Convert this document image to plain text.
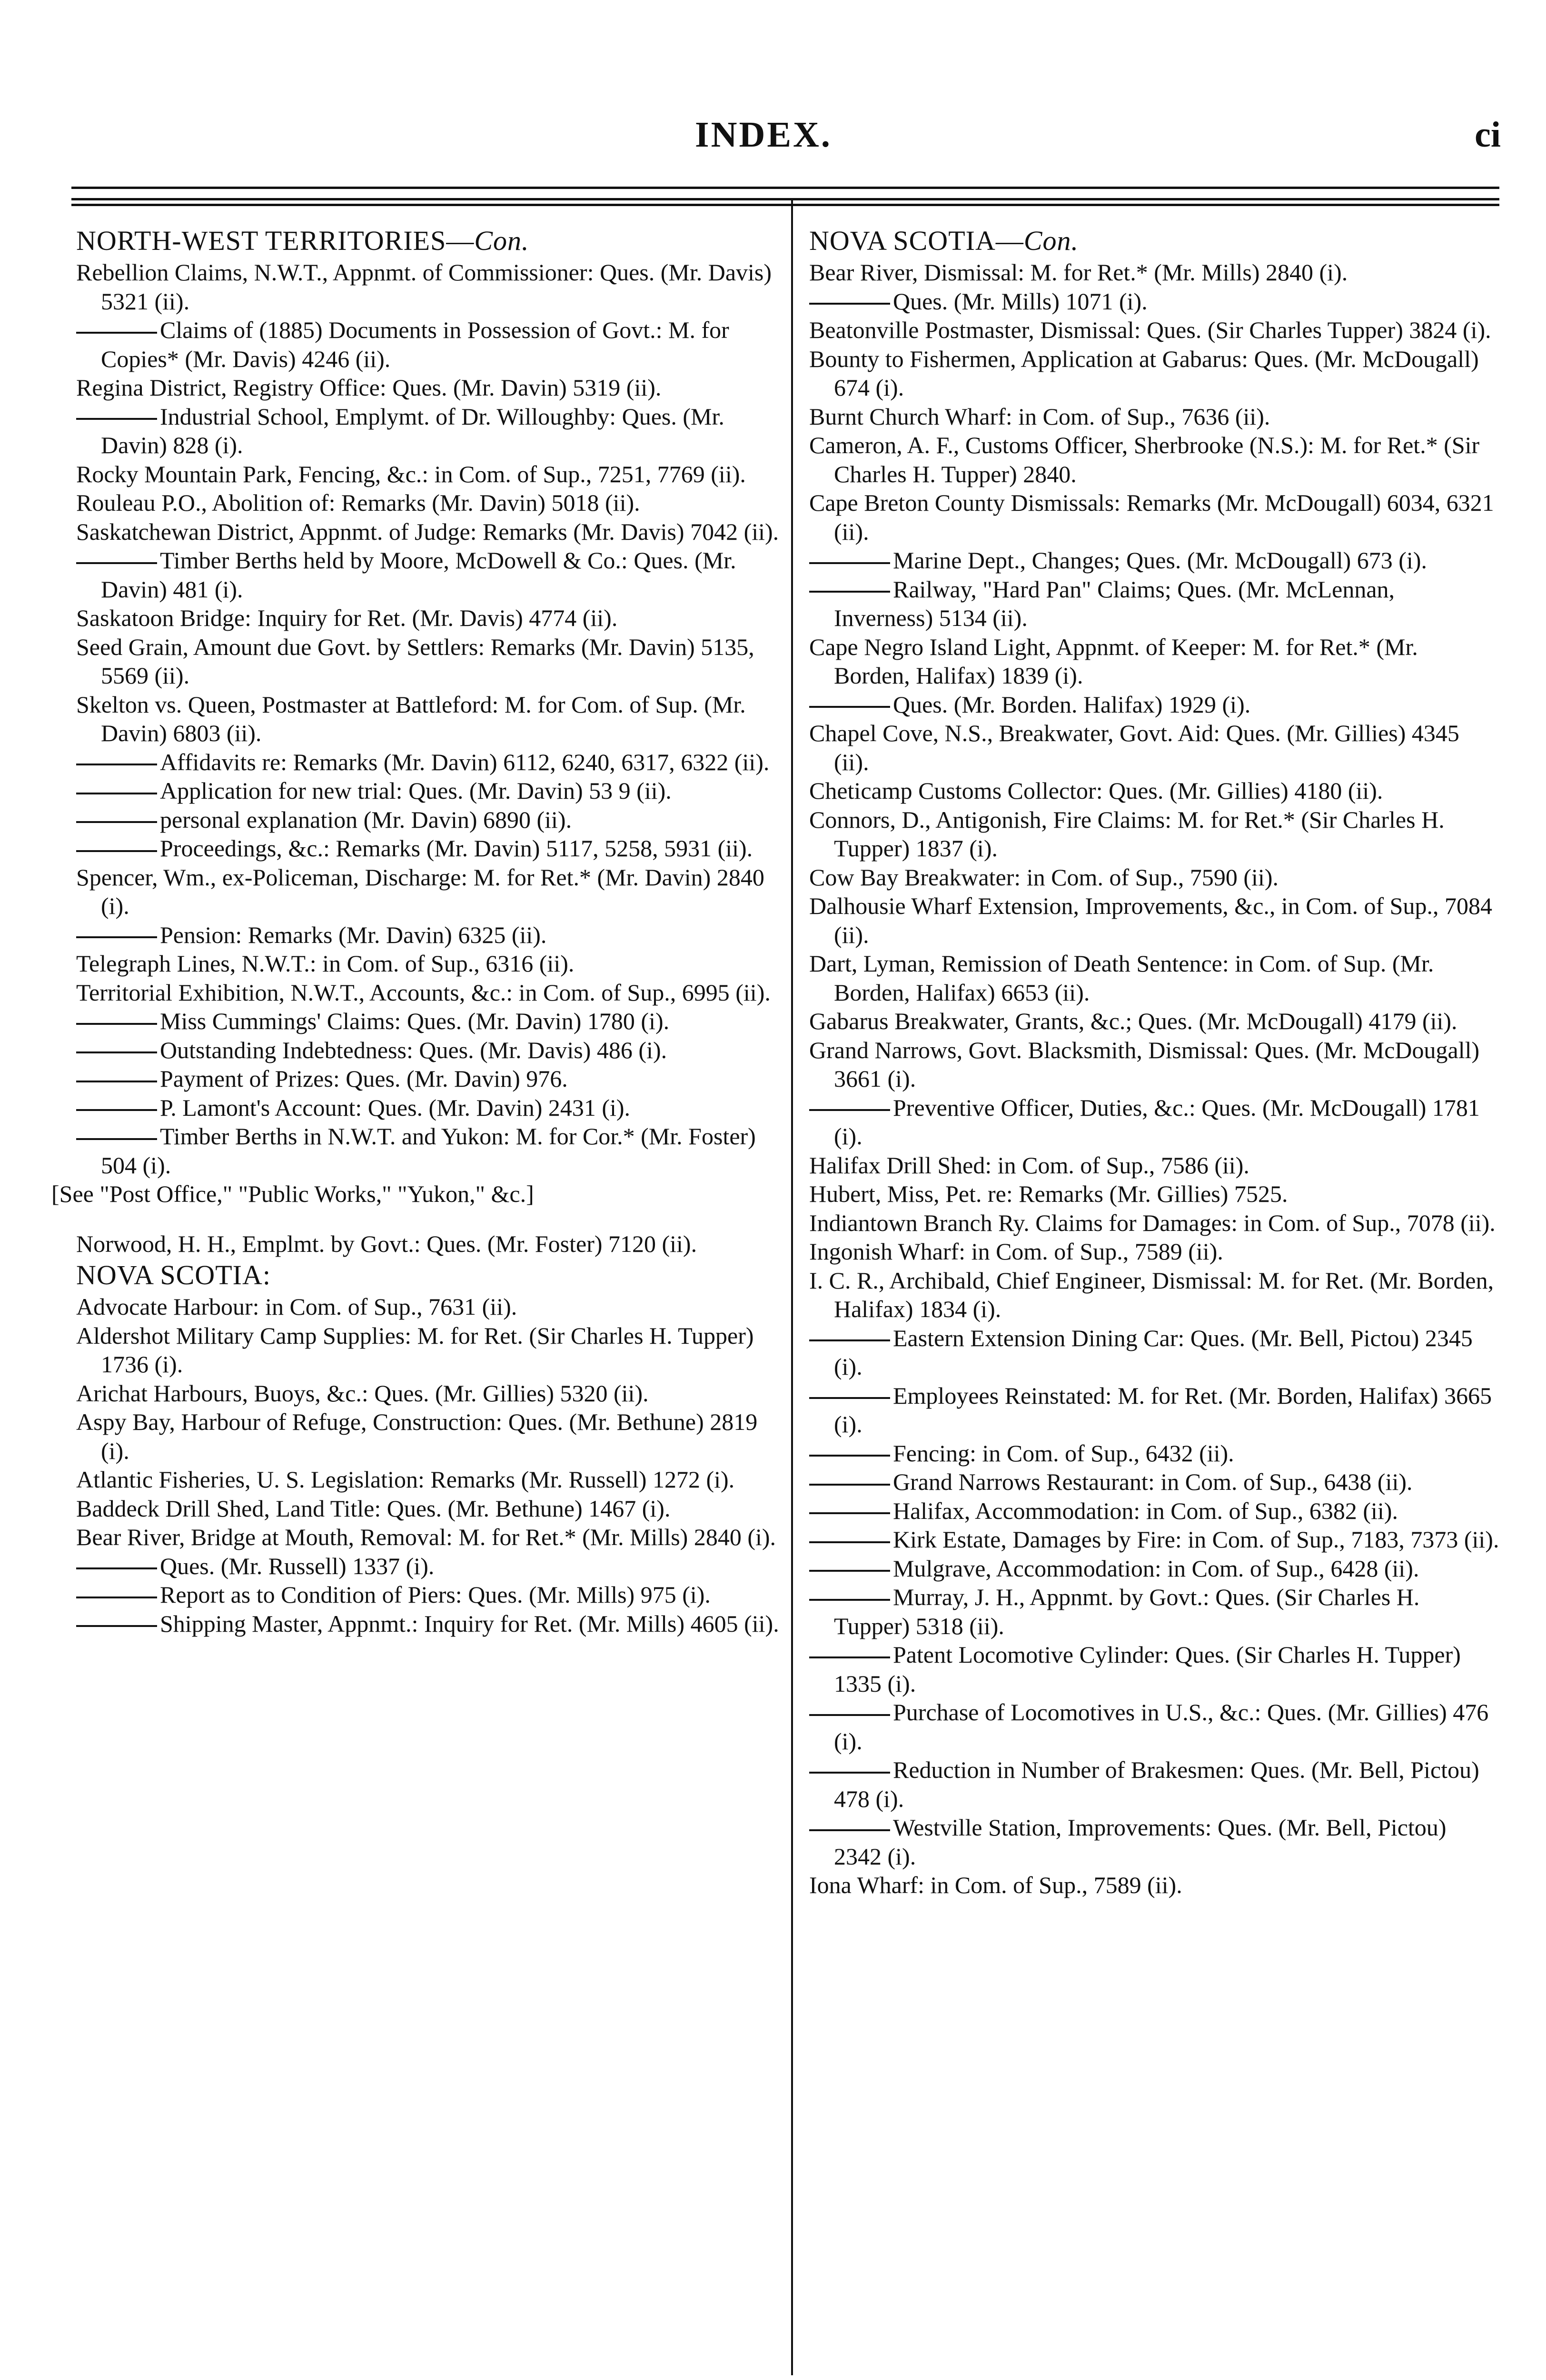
INDEX.	ci
NORTH-WEST TERRITORIES—Con.

Rebellion Claims, N.W.T., Appnmt. of Commissioner: Ques. (Mr. Davis) 5321 (ii).

Claims of (1885) Documents in Possession of Govt.: M. for Copies* (Mr. Davis) 4246 (ii).

Regina District, Registry Office: Ques. (Mr. Davin) 5319 (ii).

Industrial School, Emplymt. of Dr. Willoughby: Ques. (Mr. Davin) 828 (i).

Rocky Mountain Park, Fencing, &c.: in Com. of Sup., 7251, 7769 (ii).

Rouleau P.O., Abolition of: Remarks (Mr. Davin) 5018 (ii).

Saskatchewan District, Appnmt. of Judge: Remarks (Mr. Davis) 7042 (ii).

Timber Berths held by Moore, McDowell & Co.: Ques. (Mr. Davin) 481 (i).

Saskatoon Bridge: Inquiry for Ret. (Mr. Davis) 4774 (ii).

Seed Grain, Amount due Govt. by Settlers: Remarks (Mr. Davin) 5135, 5569 (ii).

Skelton vs. Queen, Postmaster at Battleford: M. for Com. of Sup. (Mr. Davin) 6803 (ii).

Affidavits re: Remarks (Mr. Davin) 6112, 6240, 6317, 6322 (ii).

Application for new trial: Ques. (Mr. Davin) 53 9 (ii).

personal explanation (Mr. Davin) 6890 (ii).

Proceedings, &c.: Remarks (Mr. Davin) 5117, 5258, 5931 (ii).

Spencer, Wm., ex-Policeman, Discharge: M. for Ret.* (Mr. Davin) 2840 (i).

Pension: Remarks (Mr. Davin) 6325 (ii).

Telegraph Lines, N.W.T.: in Com. of Sup., 6316 (ii).

Territorial Exhibition, N.W.T., Accounts, &c.: in Com. of Sup., 6995 (ii).

Miss Cummings' Claims: Ques. (Mr. Davin) 1780 (i).

Outstanding Indebtedness: Ques. (Mr. Davis) 486 (i).

Payment of Prizes: Ques. (Mr. Davin) 976.

P. Lamont's Account: Ques. (Mr. Davin) 2431 (i).

Timber Berths in N.W.T. and Yukon: M. for Cor.* (Mr. Foster) 504 (i).

[See "Post Office," "Public Works," "Yukon," &c.]

Norwood, H. H., Emplmt. by Govt.: Ques. (Mr. Foster) 7120 (ii).

NOVA SCOTIA:

Advocate Harbour: in Com. of Sup., 7631 (ii).

Aldershot Military Camp Supplies: M. for Ret. (Sir Charles H. Tupper) 1736 (i).

Arichat Harbours, Buoys, &c.: Ques. (Mr. Gillies) 5320 (ii).

Aspy Bay, Harbour of Refuge, Construction: Ques. (Mr. Bethune) 2819 (i).

Atlantic Fisheries, U. S. Legislation: Remarks (Mr. Russell) 1272 (i).

Baddeck Drill Shed, Land Title: Ques. (Mr. Bethune) 1467 (i).

Bear River, Bridge at Mouth, Removal: M. for Ret.* (Mr. Mills) 2840 (i).

Ques. (Mr. Russell) 1337 (i).

Report as to Condition of Piers: Ques. (Mr. Mills) 975 (i).

Shipping Master, Appnmt.: Inquiry for Ret. (Mr. Mills) 4605 (ii).

NOVA SCOTIA—Con.

Bear River, Dismissal: M. for Ret.* (Mr. Mills) 2840 (i).

Ques. (Mr. Mills) 1071 (i).

Beatonville Postmaster, Dismissal: Ques. (Sir Charles Tupper) 3824 (i).

Bounty to Fishermen, Application at Gabarus: Ques. (Mr. McDougall) 674 (i).

Burnt Church Wharf: in Com. of Sup., 7636 (ii).

Cameron, A. F., Customs Officer, Sherbrooke (N.S.): M. for Ret.* (Sir Charles H. Tupper) 2840.

Cape Breton County Dismissals: Remarks (Mr. McDougall) 6034, 6321 (ii).

Marine Dept., Changes; Ques. (Mr. McDougall) 673 (i).

Railway, "Hard Pan" Claims; Ques. (Mr. McLennan, Inverness) 5134 (ii).

Cape Negro Island Light, Appnmt. of Keeper: M. for Ret.* (Mr. Borden, Halifax) 1839 (i).

Ques. (Mr. Borden. Halifax) 1929 (i).

Chapel Cove, N.S., Breakwater, Govt. Aid: Ques. (Mr. Gillies) 4345 (ii).

Cheticamp Customs Collector: Ques. (Mr. Gillies) 4180 (ii).

Connors, D., Antigonish, Fire Claims: M. for Ret.* (Sir Charles H. Tupper) 1837 (i).

Cow Bay Breakwater: in Com. of Sup., 7590 (ii).

Dalhousie Wharf Extension, Improvements, &c., in Com. of Sup., 7084 (ii).

Dart, Lyman, Remission of Death Sentence: in Com. of Sup. (Mr. Borden, Halifax) 6653 (ii).

Gabarus Breakwater, Grants, &c.; Ques. (Mr. McDougall) 4179 (ii).

Grand Narrows, Govt. Blacksmith, Dismissal: Ques. (Mr. McDougall) 3661 (i).

Preventive Officer, Duties, &c.: Ques. (Mr. McDougall) 1781 (i).

Halifax Drill Shed: in Com. of Sup., 7586 (ii).

Hubert, Miss, Pet. re: Remarks (Mr. Gillies) 7525.

Indiantown Branch Ry. Claims for Damages: in Com. of Sup., 7078 (ii).

Ingonish Wharf: in Com. of Sup., 7589 (ii).

I. C. R., Archibald, Chief Engineer, Dismissal: M. for Ret. (Mr. Borden, Halifax) 1834 (i).

Eastern Extension Dining Car: Ques. (Mr. Bell, Pictou) 2345 (i).

Employees Reinstated: M. for Ret. (Mr. Borden, Halifax) 3665 (i).

Fencing: in Com. of Sup., 6432 (ii).

Grand Narrows Restaurant: in Com. of Sup., 6438 (ii).

Halifax, Accommodation: in Com. of Sup., 6382 (ii).

Kirk Estate, Damages by Fire: in Com. of Sup., 7183, 7373 (ii).

Mulgrave, Accommodation: in Com. of Sup., 6428 (ii).

Murray, J. H., Appnmt. by Govt.: Ques. (Sir Charles H. Tupper) 5318 (ii).

Patent Locomotive Cylinder: Ques. (Sir Charles H. Tupper) 1335 (i).

Purchase of Locomotives in U.S., &c.: Ques. (Mr. Gillies) 476 (i).

Reduction in Number of Brakesmen: Ques. (Mr. Bell, Pictou) 478 (i).

Westville Station, Improvements: Ques. (Mr. Bell, Pictou) 2342 (i).

Iona Wharf: in Com. of Sup., 7589 (ii).
